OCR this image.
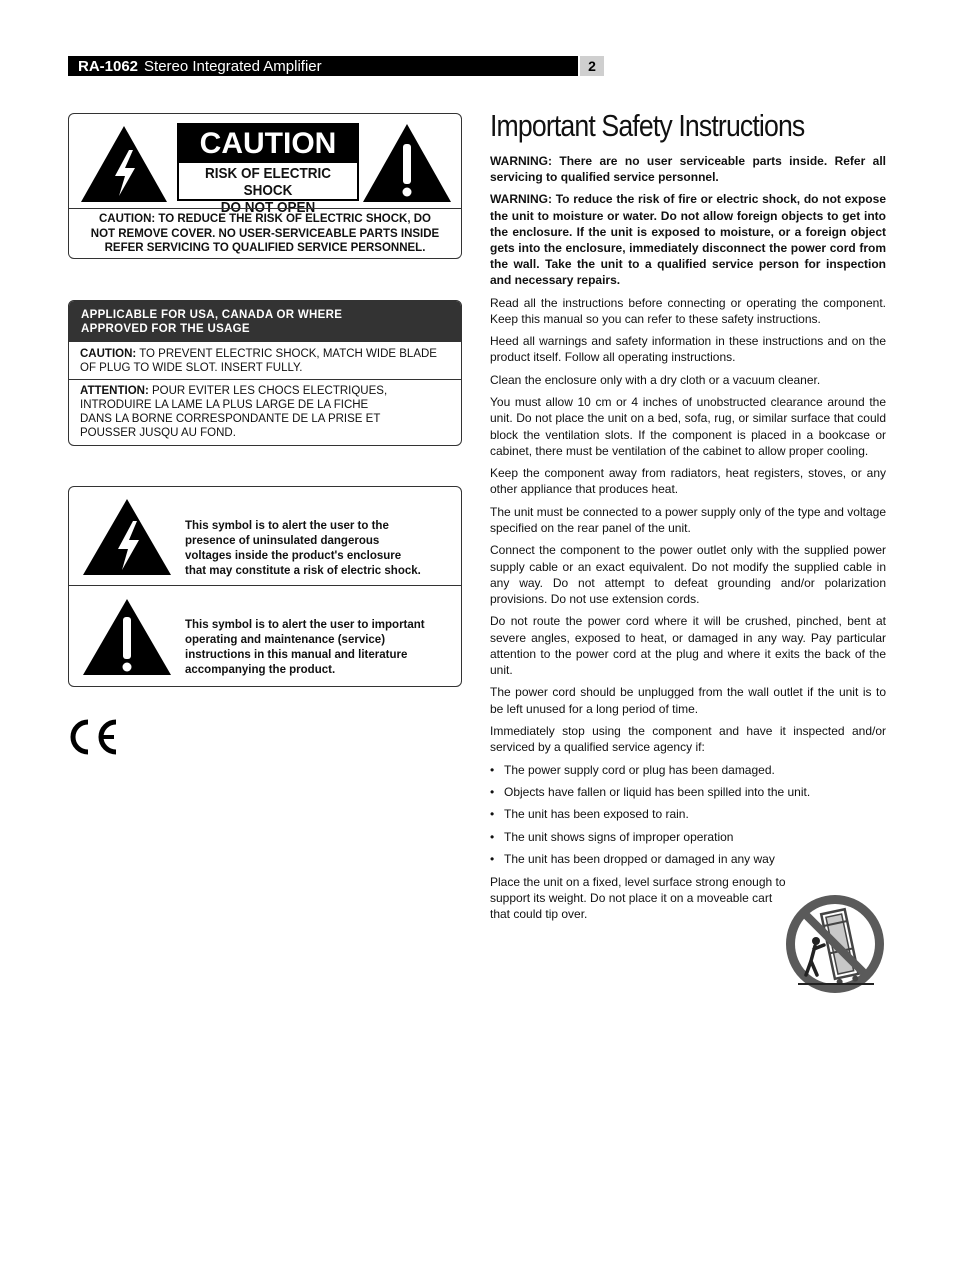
RA-1062 Stereo Integrated Amplifier	2
CAUTION
RISK OF ELECTRIC SHOCK
DO NOT OPEN
CAUTION: TO REDUCE THE RISK OF ELECTRIC SHOCK, DO
NOT REMOVE COVER. NO USER-SERVICEABLE PARTS INSIDE
REFER SERVICING TO QUALIFIED SERVICE PERSONNEL.
APPLICABLE FOR USA, CANADA OR WHERE
APPROVED FOR THE USAGE
CAUTION: TO PREVENT ELECTRIC SHOCK, MATCH WIDE BLADE
OF PLUG TO WIDE SLOT. INSERT FULLY.
ATTENTION: POUR EVITER LES CHOCS ELECTRIQUES,
INTRODUIRE LA LAME LA PLUS LARGE DE LA FICHE
DANS LA BORNE CORRESPONDANTE DE LA PRISE ET
POUSSER JUSQU AU FOND.
This symbol is to alert the user to the
presence of uninsulated dangerous
voltages inside the product's enclosure
that may constitute a risk of electric shock.
This symbol is to alert the user to important
operating and maintenance (service)
instructions in this manual and literature
accompanying the product.
Important Safety Instructions

WARNING: There are no user serviceable parts inside. Refer all servicing to qualified service personnel.

WARNING: To reduce the risk of fire or electric shock, do not expose the unit to moisture or water. Do not allow foreign objects to get into the enclosure. If the unit is exposed to moisture, or a foreign object gets into the enclosure, immediately disconnect the power cord from the wall. Take the unit to a qualified service person for inspection and necessary repairs.

Read all the instructions before connecting or operating the component. Keep this manual so you can refer to these safety instructions.

Heed all warnings and safety information in these instructions and on the product itself. Follow all operating instructions.

Clean the enclosure only with a dry cloth or a vacuum cleaner.

You must allow 10 cm or 4 inches of unobstructed clearance around the unit. Do not place the unit on a bed, sofa, rug, or similar surface that could block the ventilation slots. If the component is placed in a bookcase or cabinet, there must be ventilation of the cabinet to allow proper cooling.

Keep the component away from radiators, heat registers, stoves, or any other appliance that produces heat.

The unit must be connected to a power supply only of the type and voltage specified on the rear panel of the unit.

Connect the component to the power outlet only with the supplied power supply cable or an exact equivalent. Do not modify the supplied cable in any way. Do not attempt to defeat grounding and/or polarization provisions. Do not use extension cords.

Do not route the power cord where it will be crushed, pinched, bent at severe angles, exposed to heat, or damaged in any way. Pay particular attention to the power cord at the plug and where it exits the back of the unit.

The power cord should be unplugged from the wall outlet if the unit is to be left unused for a long period of time.

Immediately stop using the component and have it inspected and/or serviced by a qualified service agency if:

• The power supply cord or plug has been damaged.
• Objects have fallen or liquid has been spilled into the unit.
• The unit has been exposed to rain.
• The unit shows signs of improper operation
• The unit has been dropped or damaged in any way

Place the unit on a fixed, level surface strong enough to support its weight. Do not place it on a moveable cart that could tip over.
